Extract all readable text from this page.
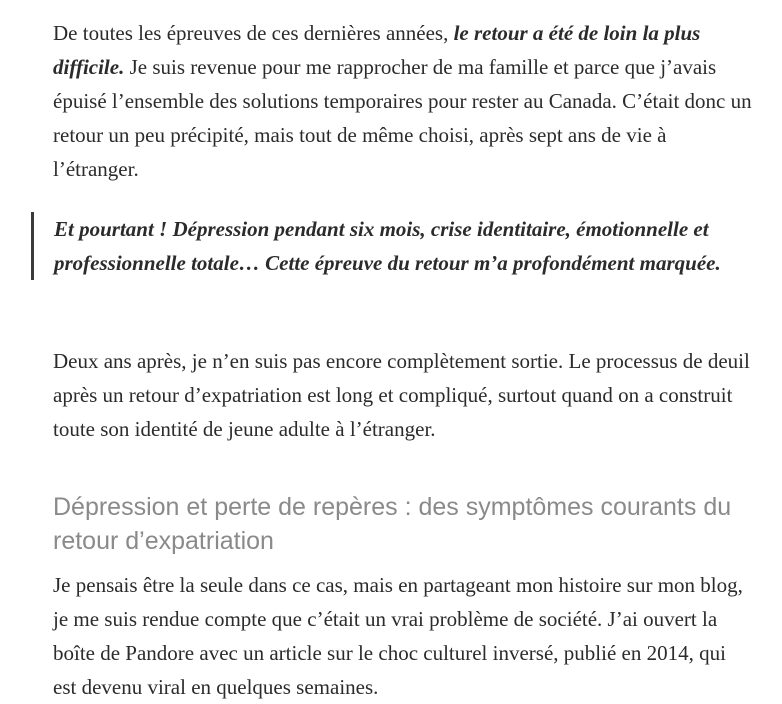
De toutes les épreuves de ces dernières années, le retour a été de loin la plus difficile. Je suis revenue pour me rapprocher de ma famille et parce que j’avais épuisé l’ensemble des solutions temporaires pour rester au Canada. C’était donc un retour un peu précipité, mais tout de même choisi, après sept ans de vie à l’étranger.

Et pourtant ! Dépression pendant six mois, crise identitaire, émotionnelle et professionnelle totale… Cette épreuve du retour m’a profondément marquée.

Deux ans après, je n’en suis pas encore complètement sortie. Le processus de deuil après un retour d’expatriation est long et compliqué, surtout quand on a construit toute son identité de jeune adulte à l’étranger.

Dépression et perte de repères : des symptômes courants du retour d’expatriation

Je pensais être la seule dans ce cas, mais en partageant mon histoire sur mon blog, je me suis rendue compte que c’était un vrai problème de société. J’ai ouvert la boîte de Pandore avec un article sur le choc culturel inversé, publié en 2014, qui est devenu viral en quelques semaines.
